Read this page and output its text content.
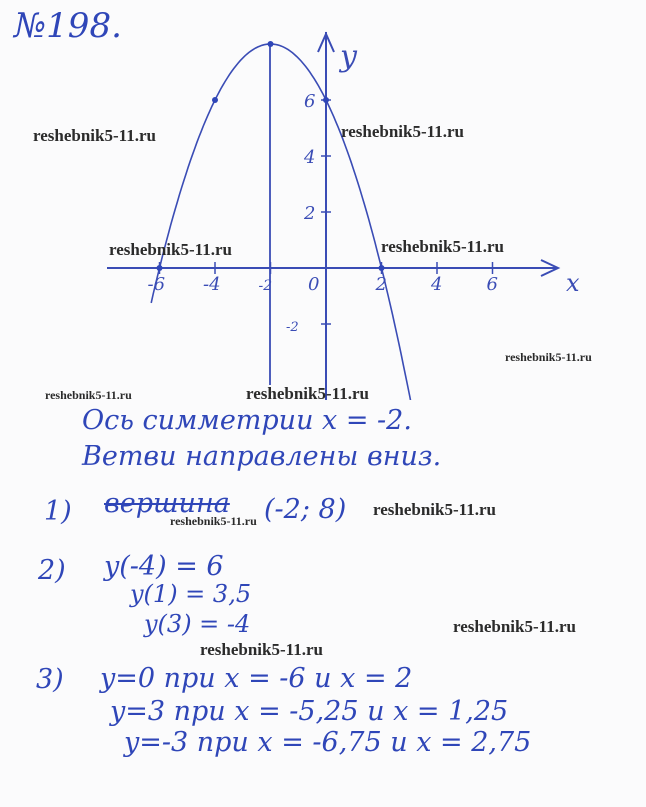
№198.
-6 -4	-2 0	2 4 6
6
4
2
-2
y
x
reshebnik5-11.ru	reshebnik5-11.ru
reshebnik5-11.ru	reshebnik5-11.ru
reshebnik5-11.ru
reshebnik5-11.ru	reshebnik5-11.ru
reshebnik5-11.ru
reshebnik5-11.ru
reshebnik5-11.ru
reshebnik5-11.ru
Ось симметрии x = -2.
Ветви направлены вниз.
1) вершина (-2; 8)
2) y(-4) = 6
y(1) = 3,5
y(3) = -4
3) y=0 при x = -6 и x = 2
y=3 при x = -5,25 и x = 1,25
y=-3 при x = -6,75 и x = 2,75
